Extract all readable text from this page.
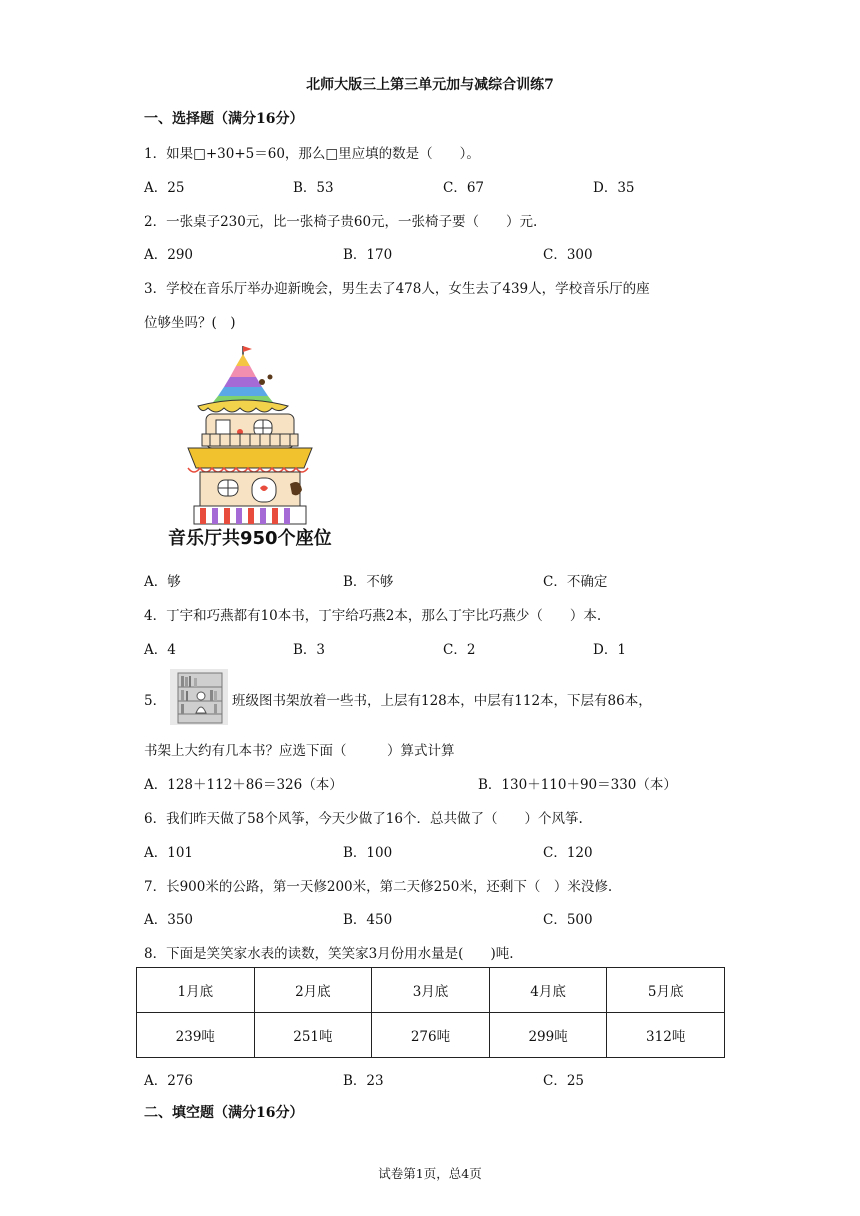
北师大版三上第三单元加与减综合训练7
一、选择题（满分16分）
1．如果□+30+5＝60，那么□里应填的数是（　　）。
A．25	B．53	C．67	D．35
2．一张桌子230元，比一张椅子贵60元，一张椅子要（　　）元.
A．290	B．170	C．300
3．学校在音乐厅举办迎新晚会，男生去了478人，女生去了439人，学校音乐厅的座
位够坐吗？(　)
音乐厅共950个座位
A．够	B．不够	C．不确定
4．丁宇和巧燕都有10本书，丁宇给巧燕2本，那么丁宇比巧燕少（　　）本.
A．4	B．3	C．2	D．1
5．	班级图书架放着一些书，上层有128本，中层有112本，下层有86本，
书架上大约有几本书？应选下面（　　　）算式计算
A．128＋112＋86＝326（本）	B．130＋110＋90＝330（本）
6．我们昨天做了58个风筝，今天少做了16个．总共做了（　　）个风筝.
A．101	B．100	C．120
7．长900米的公路，第一天修200米，第二天修250米，还剩下（　）米没修.
A．350	B．450	C．500
8．下面是笑笑家水表的读数，笑笑家3月份用水量是(　　)吨.
1月底	2月底	3月底	4月底	5月底
239吨	251吨	276吨	299吨	312吨
A．276	B．23	C．25
二、填空题（满分16分）
试卷第1页，总4页
